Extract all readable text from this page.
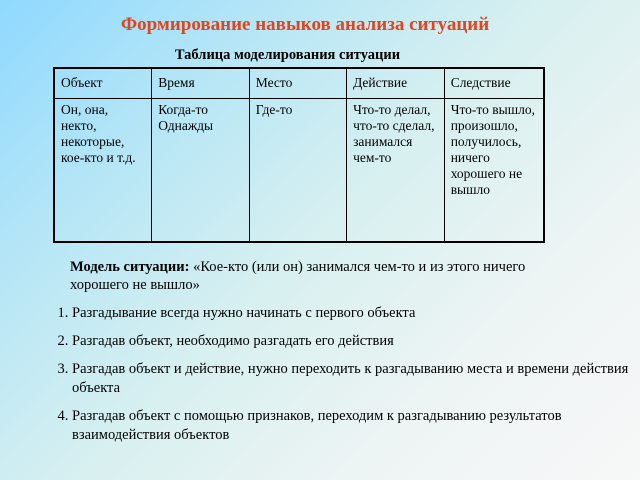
Формирование навыков анализа ситуаций
Таблица моделирования ситуации
Объект	Время	Место	Действие	Следствие
Он, она, некто, некоторые, кое-кто и т.д.	Когда-то Однажды	Где-то	Что-то делал, что-то сделал, занимался чем-то	Что-то вышло, произошло, получилось, ничего хорошего не вышло
Модель ситуации: «Кое-кто (или он) занимался чем-то и из этого ничего хорошего не вышло»
1. Разгадывание всегда нужно начинать с первого объекта
2. Разгадав объект, необходимо разгадать его действия
3. Разгадав объект и действие, нужно переходить к разгадыванию места и времени действия объекта
4. Разгадав объект с помощью признаков, переходим к разгадыванию результатов взаимодействия объектов
